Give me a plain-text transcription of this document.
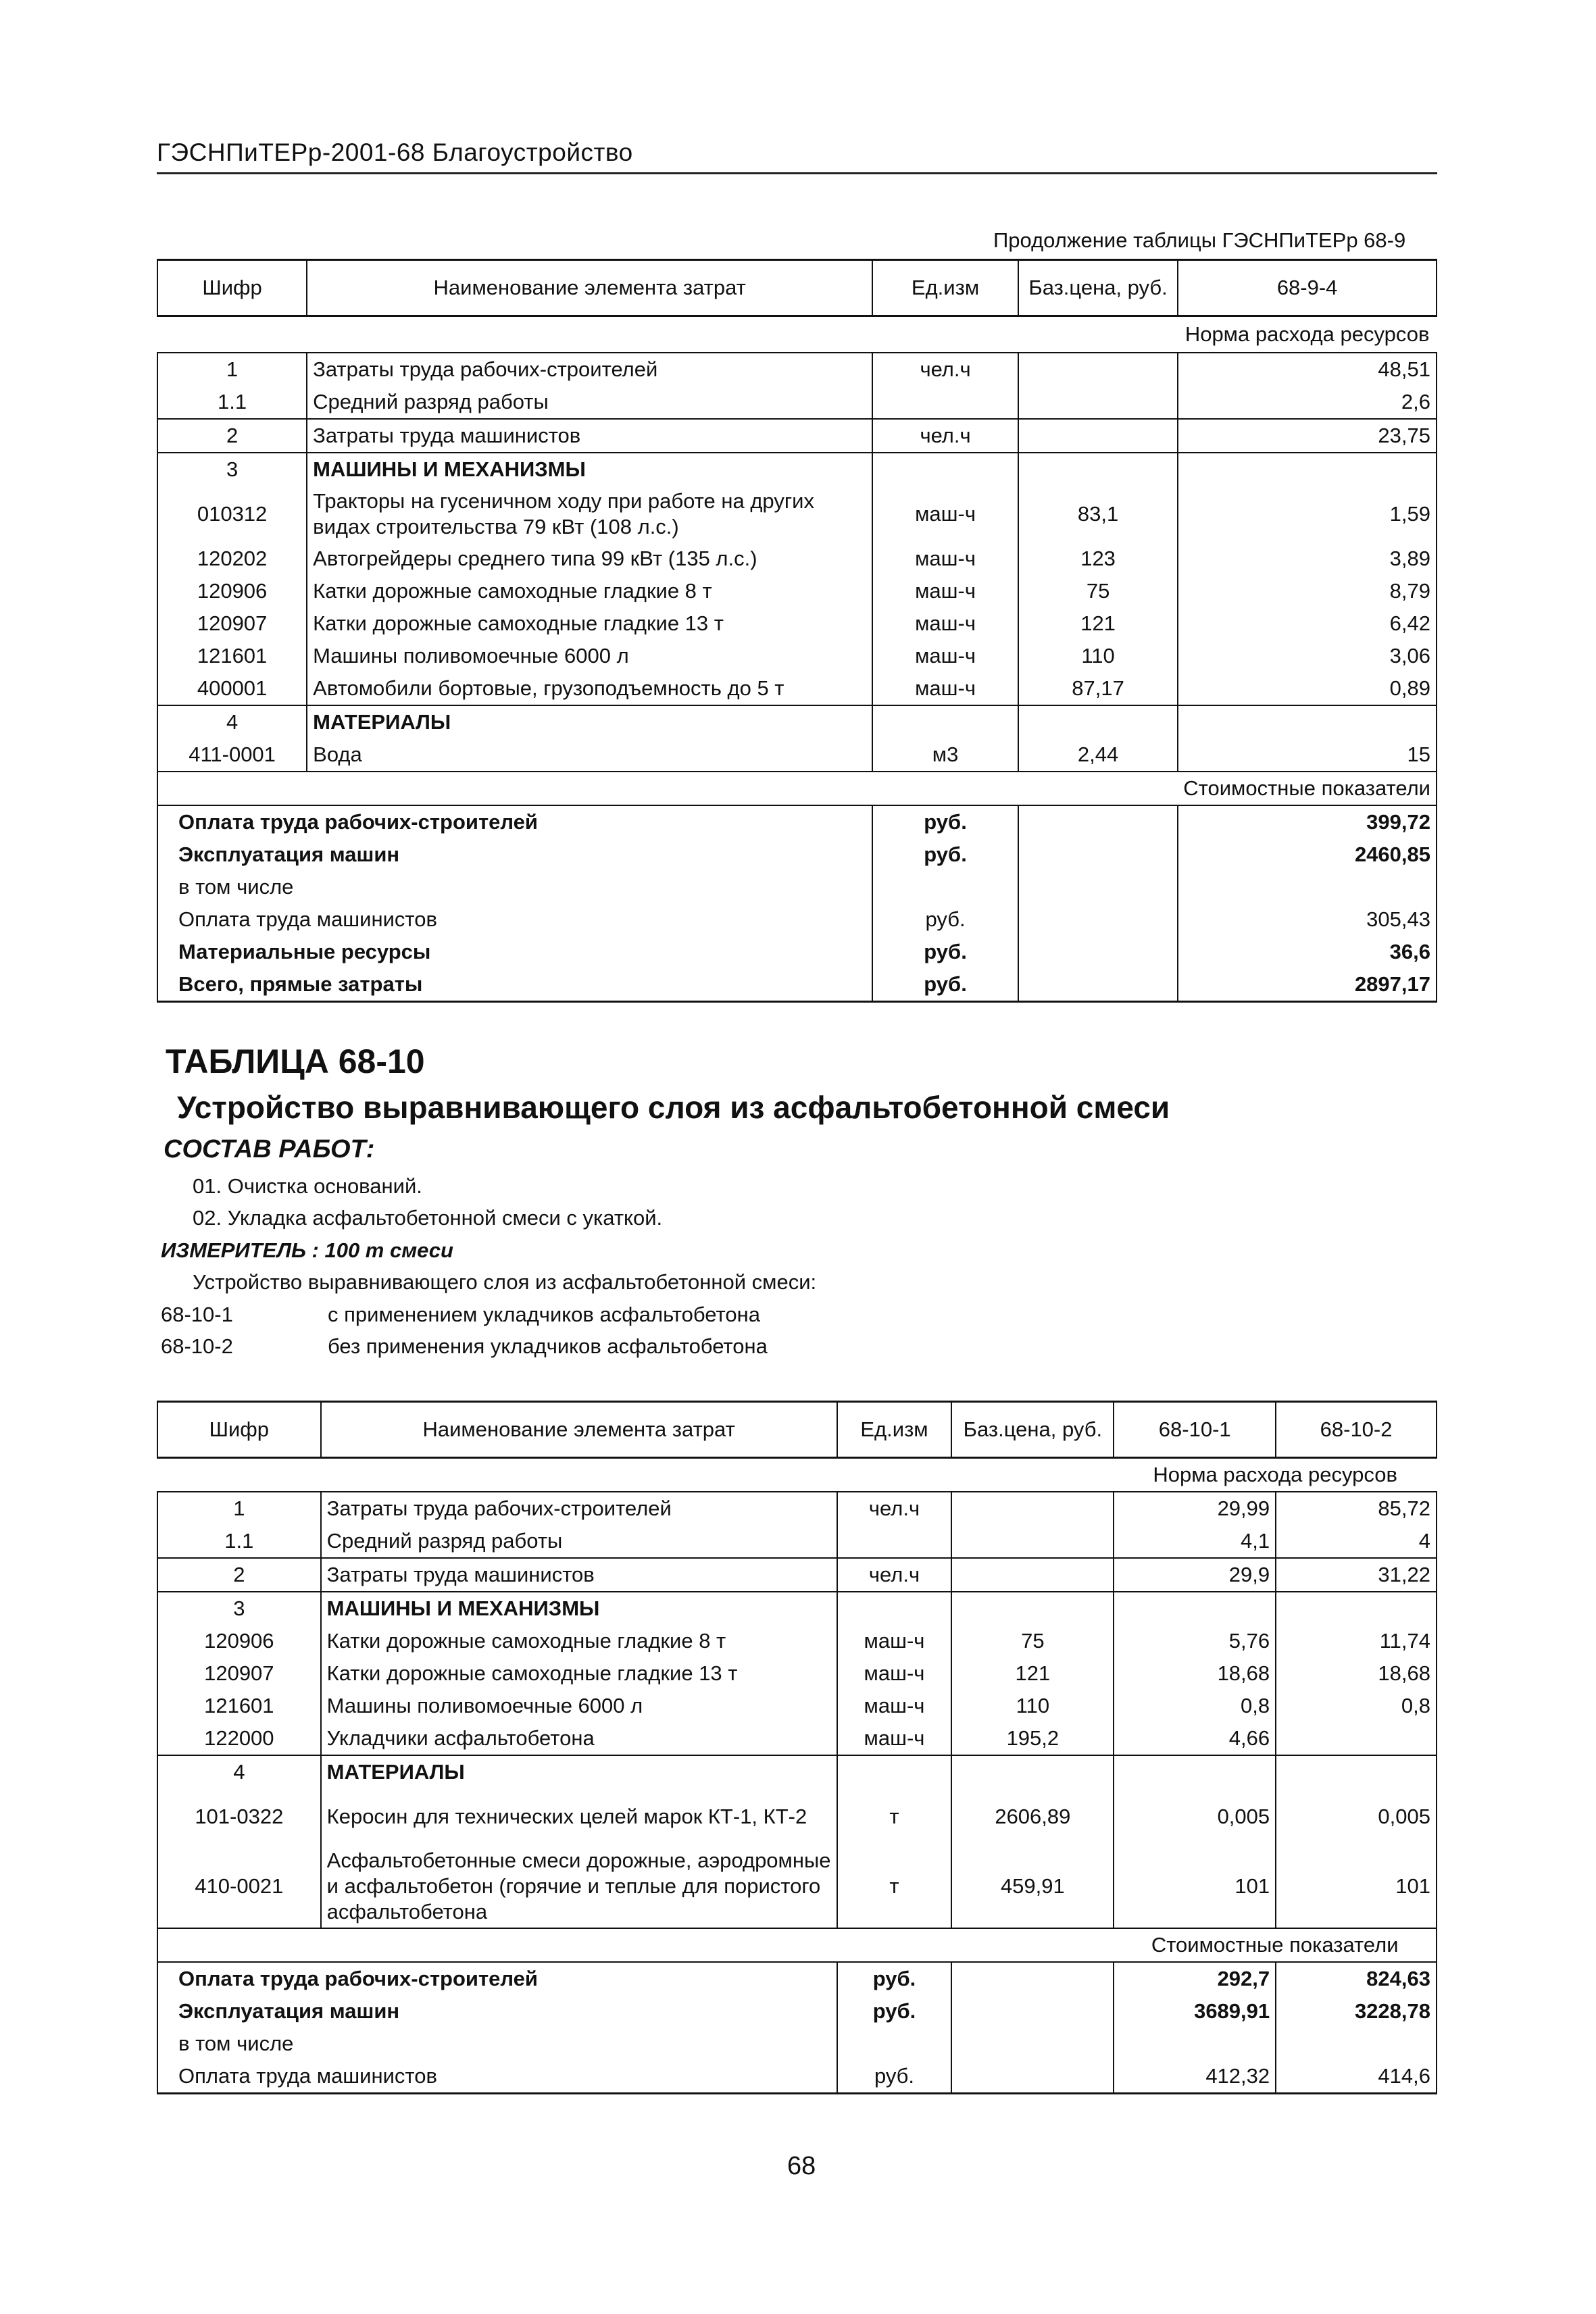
ГЭСНПиТЕРр-2001-68 Благоустройство
Продолжение таблицы ГЭСНПиТЕРр 68-9
Шифр	Наименование элемента затрат	Ед.изм	Баз.цена, руб.	68-9-4
				Норма расхода ресурсов
1	Затраты труда рабочих-строителей	чел.ч		48,51
1.1	Средний разряд работы			2,6
2	Затраты труда машинистов	чел.ч		23,75
3	МАШИНЫ И МЕХАНИЗМЫ			
010312	Тракторы на гусеничном ходу при работе на других видах строительства 79 кВт (108 л.с.)	маш-ч	83,1	1,59
120202	Автогрейдеры среднего типа 99 кВт (135 л.с.)	маш-ч	123	3,89
120906	Катки дорожные самоходные гладкие 8 т	маш-ч	75	8,79
120907	Катки дорожные самоходные гладкие 13 т	маш-ч	121	6,42
121601	Машины поливомоечные 6000 л	маш-ч	110	3,06
400001	Автомобили бортовые, грузоподъемность до 5 т	маш-ч	87,17	0,89
4	МАТЕРИАЛЫ			
411-0001	Вода	м3	2,44	15
				Стоимостные показатели
Оплата труда рабочих-строителей		руб.		399,72
Эксплуатация машин		руб.		2460,85
в том числе				
Оплата труда машинистов		руб.		305,43
Материальные ресурсы		руб.		36,6
Всего, прямые затраты		руб.		2897,17
ТАБЛИЦА 68-10
Устройство выравнивающего слоя из асфальтобетонной смеси
СОСТАВ РАБОТ:
01. Очистка оснований.
02. Укладка асфальтобетонной смеси с укаткой.
ИЗМЕРИТЕЛЬ : 100 т смеси
Устройство выравнивающего слоя из асфальтобетонной смеси:
68-10-1	с применением укладчиков асфальтобетона
68-10-2	без применения укладчиков асфальтобетона
Шифр	Наименование элемента затрат	Ед.изм	Баз.цена, руб.	68-10-1	68-10-2
				Норма расхода ресурсов	
1	Затраты труда рабочих-строителей	чел.ч		29,99	85,72
1.1	Средний разряд работы			4,1	4
2	Затраты труда машинистов	чел.ч		29,9	31,22
3	МАШИНЫ И МЕХАНИЗМЫ				
120906	Катки дорожные самоходные гладкие 8 т	маш-ч	75	5,76	11,74
120907	Катки дорожные самоходные гладкие 13 т	маш-ч	121	18,68	18,68
121601	Машины поливомоечные 6000 л	маш-ч	110	0,8	0,8
122000	Укладчики асфальтобетона	маш-ч	195,2	4,66	
4	МАТЕРИАЛЫ				
101-0322	Керосин для технических целей марок КТ-1, КТ-2	т	2606,89	0,005	0,005
410-0021	Асфальтобетонные смеси дорожные, аэродромные и асфальтобетон (горячие и теплые для пористого асфальтобетона	т	459,91	101	101
				Стоимостные показатели	
Оплата труда рабочих-строителей		руб.		292,7	824,63
Эксплуатация машин		руб.		3689,91	3228,78
в том числе					
Оплата труда машинистов		руб.		412,32	414,6
68
